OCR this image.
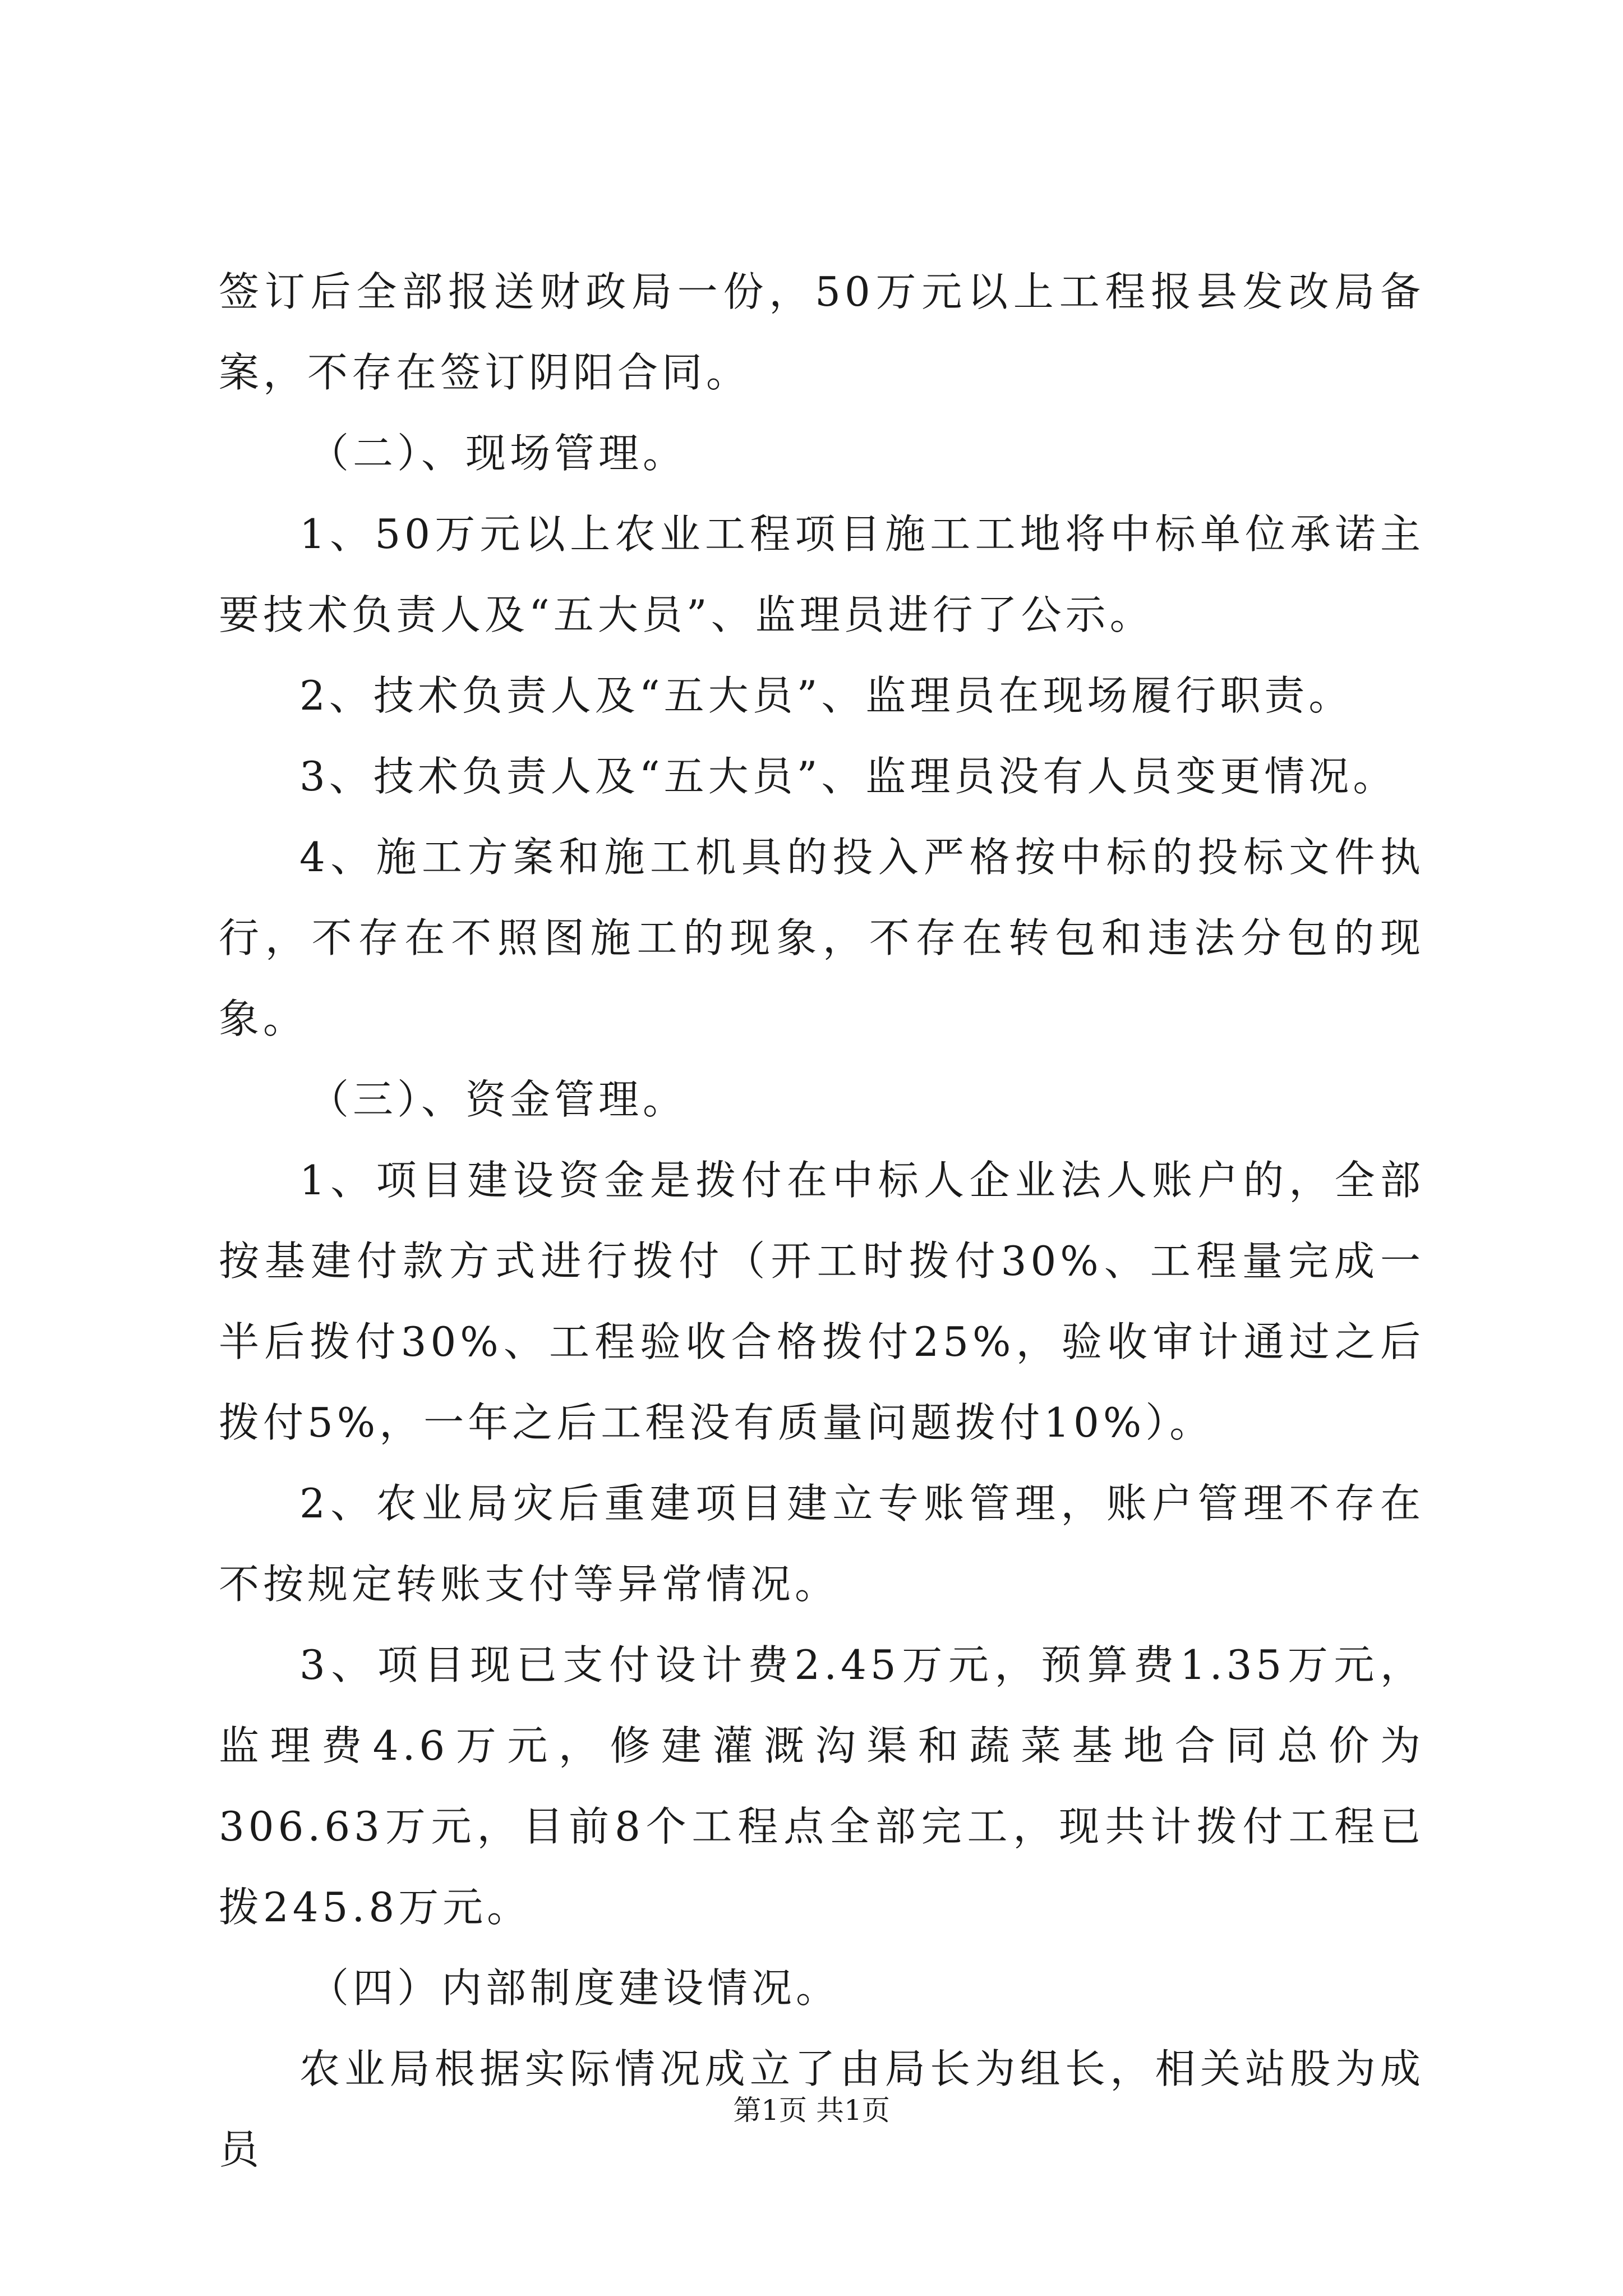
签订后全部报送财政局一份，50万元以上工程报县发改局备案，不存在签订阴阳合同。

（二）、现场管理。

1、50万元以上农业工程项目施工工地将中标单位承诺主要技术负责人及“五大员”、监理员进行了公示。

2、技术负责人及“五大员”、监理员在现场履行职责。

3、技术负责人及“五大员”、监理员没有人员变更情况。

4、施工方案和施工机具的投入严格按中标的投标文件执行，不存在不照图施工的现象，不存在转包和违法分包的现象。

（三）、资金管理。

1、项目建设资金是拨付在中标人企业法人账户的，全部按基建付款方式进行拨付（开工时拨付30%、工程量完成一半后拨付30%、工程验收合格拨付25%，验收审计通过之后拨付5%，一年之后工程没有质量问题拨付10%）。

2、农业局灾后重建项目建立专账管理，账户管理不存在不按规定转账支付等异常情况。

3、项目现已支付设计费2.45万元，预算费1.35万元，监理费4.6万元，修建灌溉沟渠和蔬菜基地合同总价为306.63万元，目前8个工程点全部完工，现共计拨付工程已拨245.8万元。

（四）内部制度建设情况。

农业局根据实际情况成立了由局长为组长，相关站股为成员

第1页 共1页
